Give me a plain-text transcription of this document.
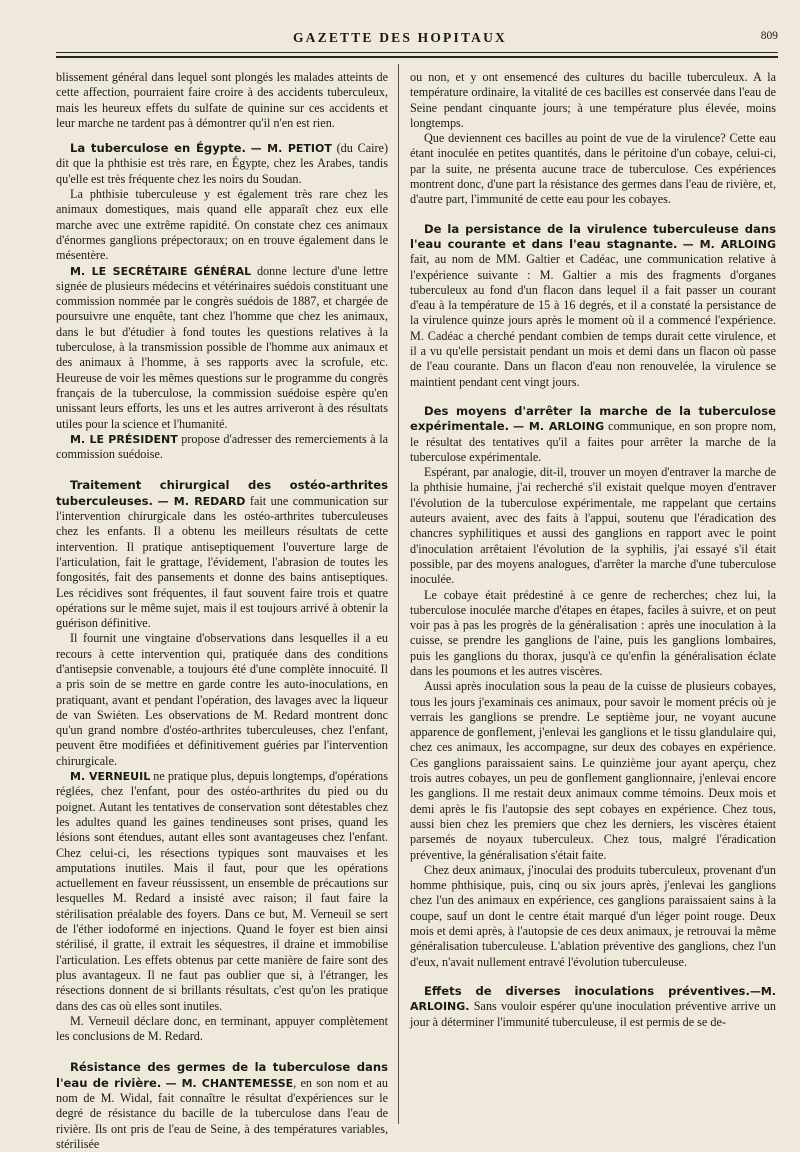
GAZETTE DES HOPITAUX	809

blissement général dans lequel sont plongés les malades atteints de cette affection, pourraient faire croire à des accidents tuberculeux, mais les heureux effets du sulfate de quinine sur ces accidents et leur marche ne tardent pas à démontrer qu'il n'en est rien.

La tuberculose en Égypte. — M. PETIOT (du Caire) dit que la phthisie est très rare, en Égypte, chez les Arabes, tandis qu'elle est très fréquente chez les noirs du Soudan.

La phthisie tuberculeuse y est également très rare chez les animaux domestiques, mais quand elle apparaît chez eux elle marche avec une extrême rapidité. On constate chez ces animaux d'énormes ganglions prépectoraux; on en trouve également dans le mésentère.

M. LE SECRÉTAIRE GÉNÉRAL donne lecture d'une lettre signée de plusieurs médecins et vétérinaires suédois constituant une commission nommée par le congrès suédois de 1887, et chargée de poursuivre une enquête, tant chez l'homme que chez les animaux, dans le but d'étudier à fond toutes les questions relatives à la tuberculose, à la transmission possible de l'homme aux animaux et des animaux à l'homme, à ses rapports avec la scrofule, etc. Heureuse de voir les mêmes questions sur le programme du congrès français de la tuberculose, la commission suédoise espère qu'en unissant leurs efforts, les uns et les autres arriveront à des résultats utiles pour la science et l'humanité.

M. LE PRÉSIDENT propose d'adresser des remerciements à la commission suédoise.

Traitement chirurgical des ostéo-arthrites tuberculeuses. — M. REDARD fait une communication sur l'intervention chirurgicale dans les ostéo-arthrites tuberculeuses chez les enfants. Il a obtenu les meilleurs résultats de cette intervention. Il pratique antiseptiquement l'ouverture large de l'articulation, fait le grattage, l'évidement, l'abrasion de toutes les fongosités, fait des pansements et donne des bains antiseptiques. Les récidives sont fréquentes, il faut souvent faire trois et quatre opérations sur le même sujet, mais il est toujours arrivé à obtenir la guérison définitive.

Il fournit une vingtaine d'observations dans lesquelles il a eu recours à cette intervention qui, pratiquée dans des conditions d'antisepsie convenable, a toujours été d'une complète innocuité. Il a pris soin de se mettre en garde contre les auto-inoculations, en pratiquant, avant et pendant l'opération, des lavages avec la liqueur de van Swiéten. Les observations de M. Redard montrent donc qu'un grand nombre d'ostéo-arthrites tuberculeuses, chez l'enfant, peuvent être modifiées et définitivement guéries par l'intervention chirurgicale.

M. VERNEUIL ne pratique plus, depuis longtemps, d'opérations réglées, chez l'enfant, pour des ostéo-arthrites du pied ou du poignet. Autant les tentatives de conservation sont détestables chez les adultes quand les gaines tendineuses sont prises, quand les lésions sont étendues, autant elles sont avantageuses chez l'enfant. Chez celui-ci, les résections typiques sont mauvaises et les amputations inutiles. Mais il faut, pour que les opérations actuellement en faveur réussissent, un ensemble de précautions sur lesquelles M. Redard a insisté avec raison; il faut faire la stérilisation préalable des foyers. Dans ce but, M. Verneuil se sert de l'éther iodoformé en injections. Quand le foyer est bien ainsi stérilisé, il gratte, il extrait les séquestres, il draine et immobilise l'articulation. Les effets obtenus par cette manière de faire sont des plus avantageux. Il ne faut pas oublier que si, à l'étranger, les résections donnent de si brillants résultats, c'est qu'on les pratique dans des cas où elles sont inutiles.

M. Verneuil déclare donc, en terminant, appuyer complètement les conclusions de M. Redard.

Résistance des germes de la tuberculose dans l'eau de rivière. — M. CHANTEMESSE, en son nom et au nom de M. Widal, fait connaître le résultat d'expériences sur le degré de résistance du bacille de la tuberculose dans l'eau de rivière. Ils ont pris de l'eau de Seine, à des températures variables, stérilisée

ou non, et y ont ensemencé des cultures du bacille tuberculeux. A la température ordinaire, la vitalité de ces bacilles est conservée dans l'eau de Seine pendant cinquante jours; à une température plus élevée, moins longtemps.

Que deviennent ces bacilles au point de vue de la virulence? Cette eau étant inoculée en petites quantités, dans le péritoine d'un cobaye, celui-ci, par la suite, ne présenta aucune trace de tuberculose. Ces expériences montrent donc, d'une part la résistance des germes dans l'eau de rivière, et, d'autre part, l'immunité de cette eau pour les cobayes.

De la persistance de la virulence tuberculeuse dans l'eau courante et dans l'eau stagnante. — M. ARLOING fait, au nom de MM. Galtier et Cadéac, une communication relative à l'expérience suivante : M. Galtier a mis des fragments d'organes tuberculeux au fond d'un flacon dans lequel il a fait passer un courant d'eau à la température de 15 à 16 degrés, et il a constaté la persistance de la virulence quinze jours après le moment où il a commencé l'expérience. M. Cadéac a cherché pendant combien de temps durait cette virulence, et il a vu qu'elle persistait pendant un mois et demi dans un flacon où passe de l'eau courante. Dans un flacon d'eau non renouvelée, la virulence se maintient pendant cent vingt jours.

Des moyens d'arrêter la marche de la tuberculose expérimentale. — M. ARLOING communique, en son propre nom, le résultat des tentatives qu'il a faites pour arrêter la marche de la tuberculose expérimentale.

Espérant, par analogie, dit-il, trouver un moyen d'entraver la marche de la phthisie humaine, j'ai recherché s'il existait quelque moyen d'entraver l'évolution de la tuberculose expérimentale, me rappelant que certains auteurs avaient, avec des faits à l'appui, soutenu que l'éradication des chancres syphilitiques et aussi des ganglions en rapport avec le point d'inoculation arrêtaient l'évolution de la syphilis, j'ai essayé s'il était possible, par des moyens analogues, d'arrêter la marche d'une tuberculose inoculée.

Le cobaye était prédestiné à ce genre de recherches; chez lui, la tuberculose inoculée marche d'étapes en étapes, faciles à suivre, et on peut voir pas à pas les progrès de la généralisation : après une inoculation à la cuisse, se prendre les ganglions de l'aine, puis les ganglions lombaires, puis les ganglions du thorax, jusqu'à ce qu'enfin la généralisation éclate dans les poumons et les autres viscères.

Aussi après inoculation sous la peau de la cuisse de plusieurs cobayes, tous les jours j'examinais ces animaux, pour savoir le moment précis où je verrais les ganglions se prendre. Le septième jour, ne voyant aucune apparence de gonflement, j'enlevai les ganglions et le tissu glandulaire qui, chez ces animaux, les accompagne, sur deux des cobayes en expérience. Ces ganglions paraissaient sains. Le quinzième jour ayant aperçu, chez trois autres cobayes, un peu de gonflement ganglionnaire, j'enlevai encore les ganglions. Il me restait deux animaux comme témoins. Deux mois et demi après le fis l'autopsie des sept cobayes en expérience. Chez tous, aussi bien chez les premiers que chez les derniers, les viscères étaient parsemés de noyaux tuberculeux. Chez tous, malgré l'éradication préventive, la généralisation s'était faite.

Chez deux animaux, j'inoculai des produits tuberculeux, provenant d'un homme phthisique, puis, cinq ou six jours après, j'enlevai les ganglions chez l'un des animaux en expérience, ces ganglions paraissaient sains à la coupe, sauf un dont le centre était marqué d'un léger point rouge. Deux mois et demi après, à l'autopsie de ces deux animaux, je retrouvai la même généralisation tuberculeuse. L'ablation préventive des ganglions, chez l'un d'eux, n'avait nullement entravé l'évolution tuberculeuse.

Effets de diverses inoculations préventives.—M. ARLOING. Sans vouloir espérer qu'une inoculation préventive arrive un jour à déterminer l'immunité tuberculeuse, il est permis de se de-
